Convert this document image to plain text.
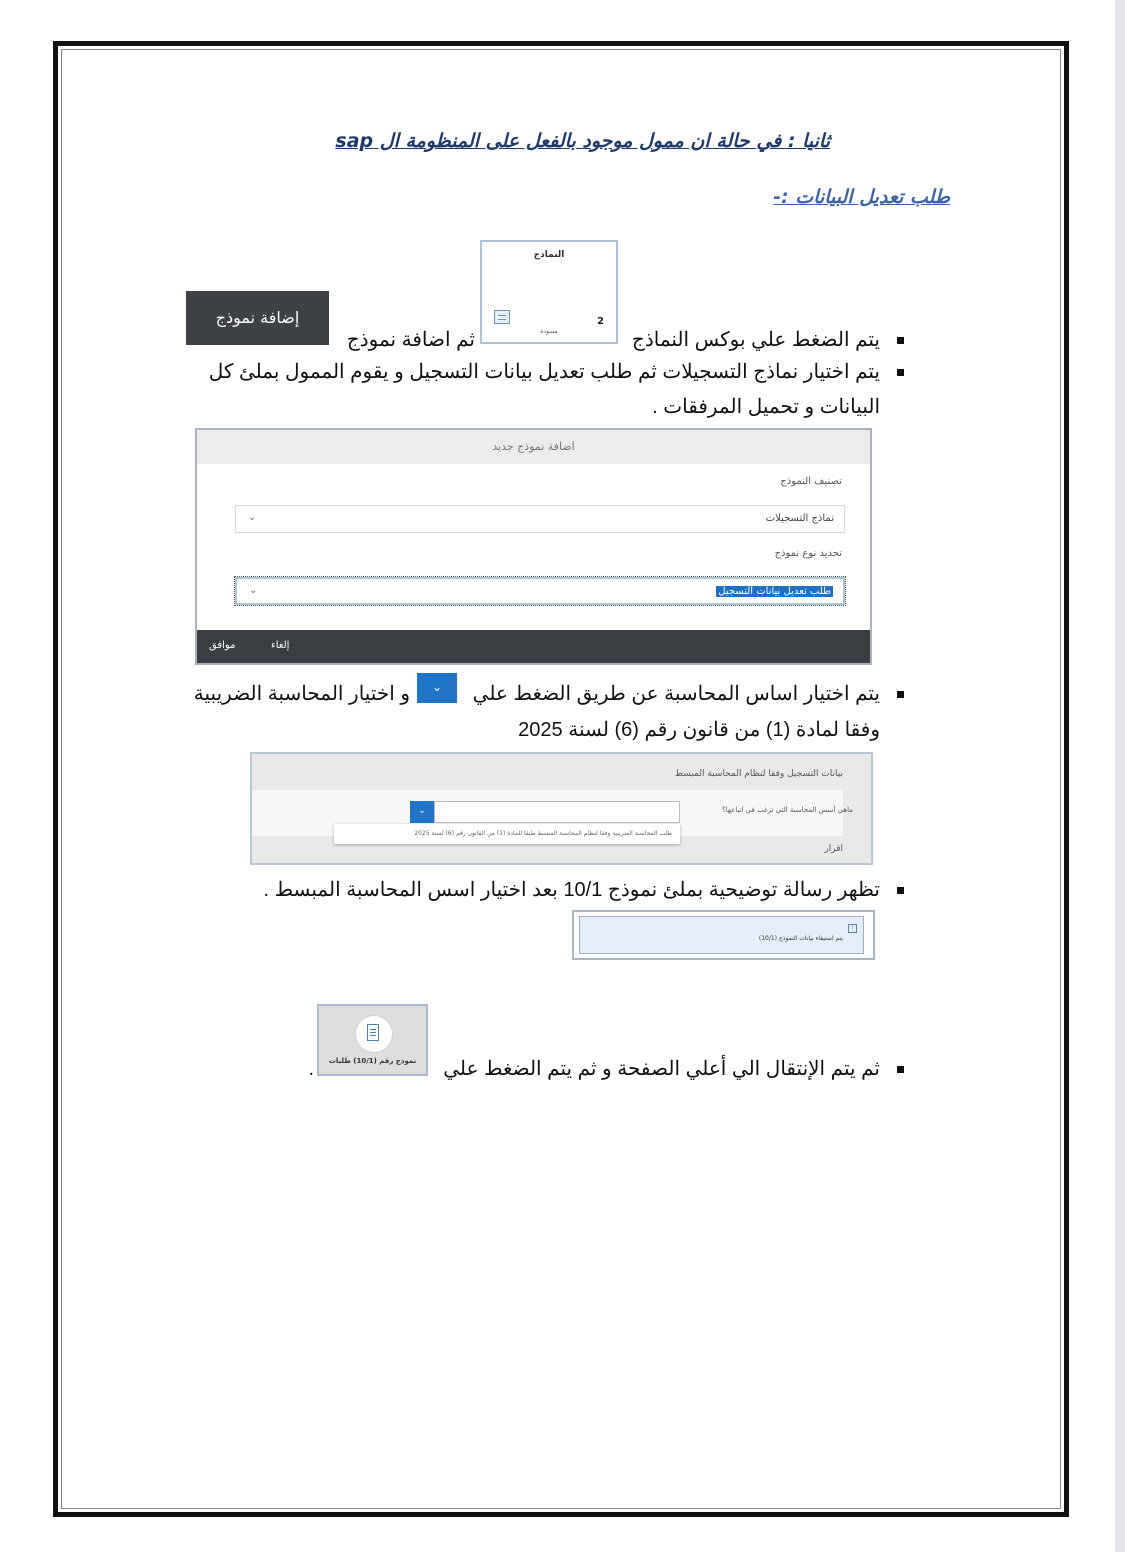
ثانيا : في حالة ان ممول موجود بالفعل على المنظومة ال sap
طلب تعديل البيانات :-
النماذج
2
مسودة
إضافة نموذج
يتم الضغط علي بوكس النماذج
ثم اضافة نموذج
يتم اختيار نماذج التسجيلات ثم طلب تعديل بيانات التسجيل و يقوم الممول بملئ كل
البيانات و تحميل المرفقات .
اضافة نموذج جديد
تصنيف النموذج
نماذج التسجيلات
⌄
تحديد نوع نموذج
طلب تعديل بيانات التسجيل
⌄
موافق	إلغاء
يتم اختيار اساس المحاسبة عن طريق الضغط علي
⌄
و اختيار المحاسبة الضريبية
وفقا لمادة (1) من قانون رقم (6) لسنة 2025
بيانات التسجيل وفقا لنظام المحاسبة المبسط
ماهي أسس المحاسبة التي ترغب في اتباعها؟
⌄
طلب المحاسبة الضريبية وفقا لنظام المحاسبة المبسط طبقا للمادة (1) من القانون رقم (6) لسنة 2025
اقرار
تظهر رسالة توضيحية بملئ نموذج 10/1 بعد اختيار اسس المحاسبة المبسط .
i
يتم استيفاء بيانات النموذج (10/1)
نموذج رقم (10/1) طلبات	ثم يتم الإنتقال الي أعلي الصفحة و ثم يتم الضغط علي
.
